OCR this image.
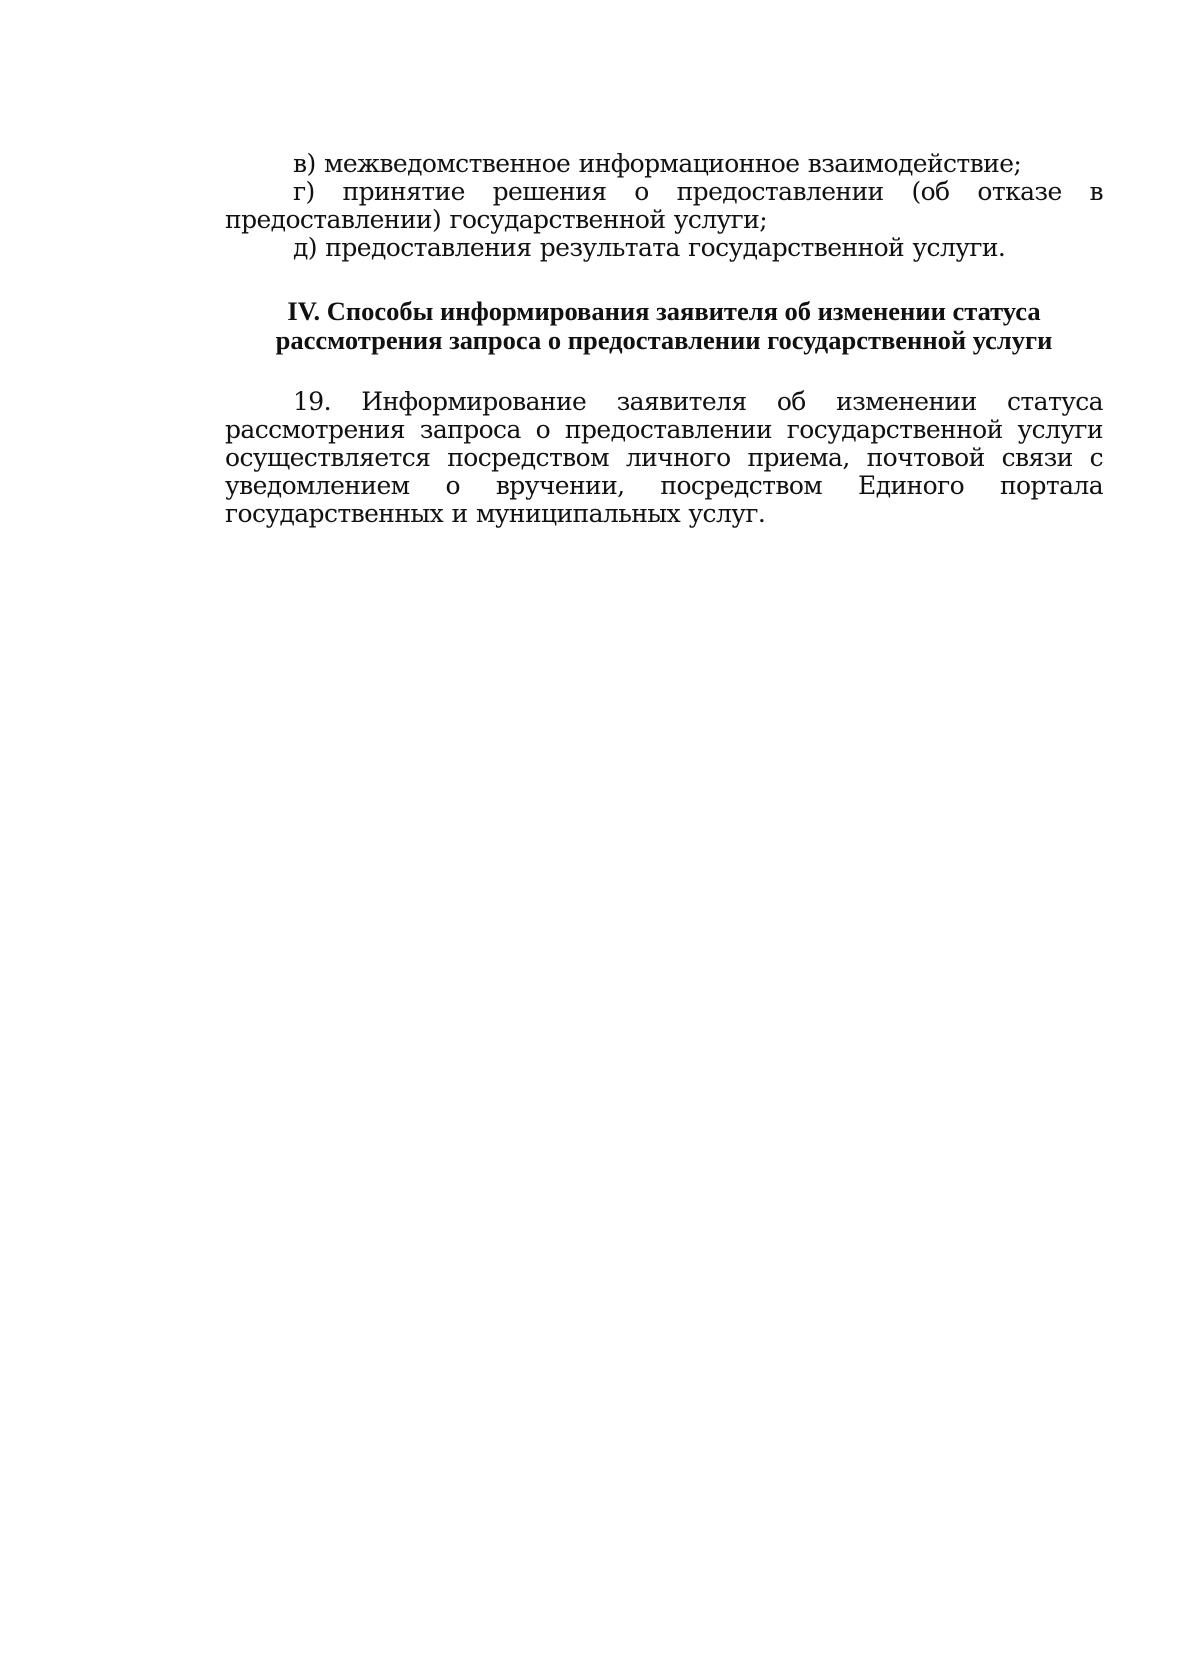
в) межведомственное информационное взаимодействие;

г) принятие решения о предоставлении (об отказе в предоставлении) государственной услуги;

д) предоставления результата государственной услуги.

IV. Способы информирования заявителя об изменении статуса
рассмотрения запроса о предоставлении государственной услуги

19. Информирование заявителя об изменении статуса рассмотрения запроса о предоставлении государственной услуги осуществляется посредством личного приема, почтовой связи с уведомлением о вручении, посредством Единого портала государственных и муниципальных услуг.
